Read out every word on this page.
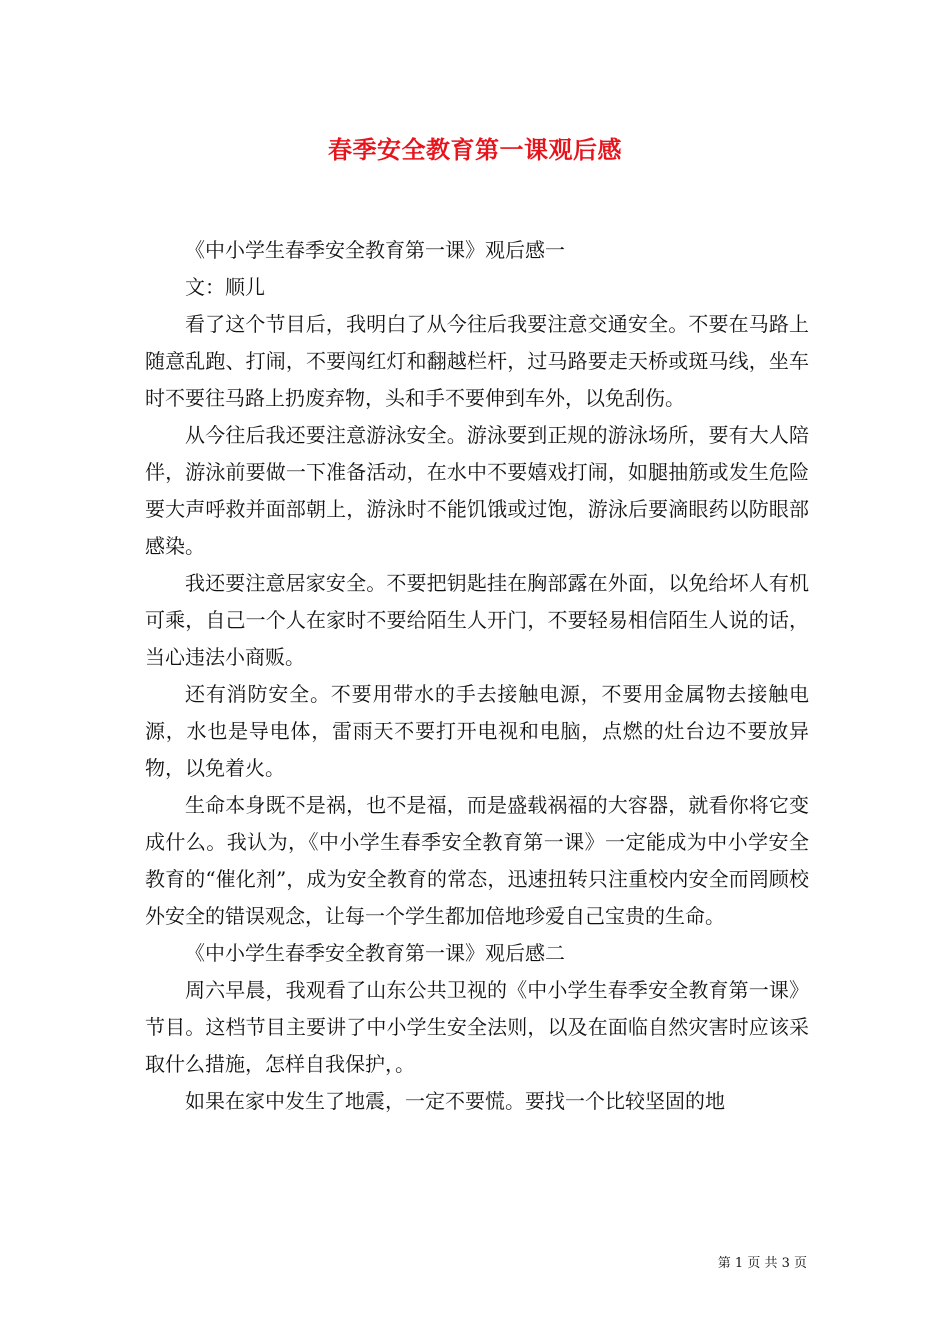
春季安全教育第一课观后感

《中小学生春季安全教育第一课》观后感一

文：顺儿

看了这个节目后，我明白了从今往后我要注意交通安全。不要在马路上随意乱跑、打闹，不要闯红灯和翻越栏杆，过马路要走天桥或斑马线，坐车时不要往马路上扔废弃物，头和手不要伸到车外，以免刮伤。

从今往后我还要注意游泳安全。游泳要到正规的游泳场所，要有大人陪伴，游泳前要做一下准备活动，在水中不要嬉戏打闹，如腿抽筋或发生危险要大声呼救并面部朝上，游泳时不能饥饿或过饱，游泳后要滴眼药以防眼部感染。

我还要注意居家安全。不要把钥匙挂在胸部露在外面，以免给坏人有机可乘，自己一个人在家时不要给陌生人开门，不要轻易相信陌生人说的话，当心违法小商贩。

还有消防安全。不要用带水的手去接触电源，不要用金属物去接触电源，水也是导电体，雷雨天不要打开电视和电脑，点燃的灶台边不要放异物，以免着火。

生命本身既不是祸，也不是福，而是盛载祸福的大容器，就看你将它变成什么。我认为，《中小学生春季安全教育第一课》一定能成为中小学安全教育的“催化剂”，成为安全教育的常态，迅速扭转只注重校内安全而罔顾校外安全的错误观念，让每一个学生都加倍地珍爱自己宝贵的生命。

《中小学生春季安全教育第一课》观后感二

周六早晨，我观看了山东公共卫视的《中小学生春季安全教育第一课》节目。这档节目主要讲了中小学生安全法则，以及在面临自然灾害时应该采取什么措施，怎样自我保护，。

如果在家中发生了地震，一定不要慌。要找一个比较坚固的地

第 1 页 共 3 页
